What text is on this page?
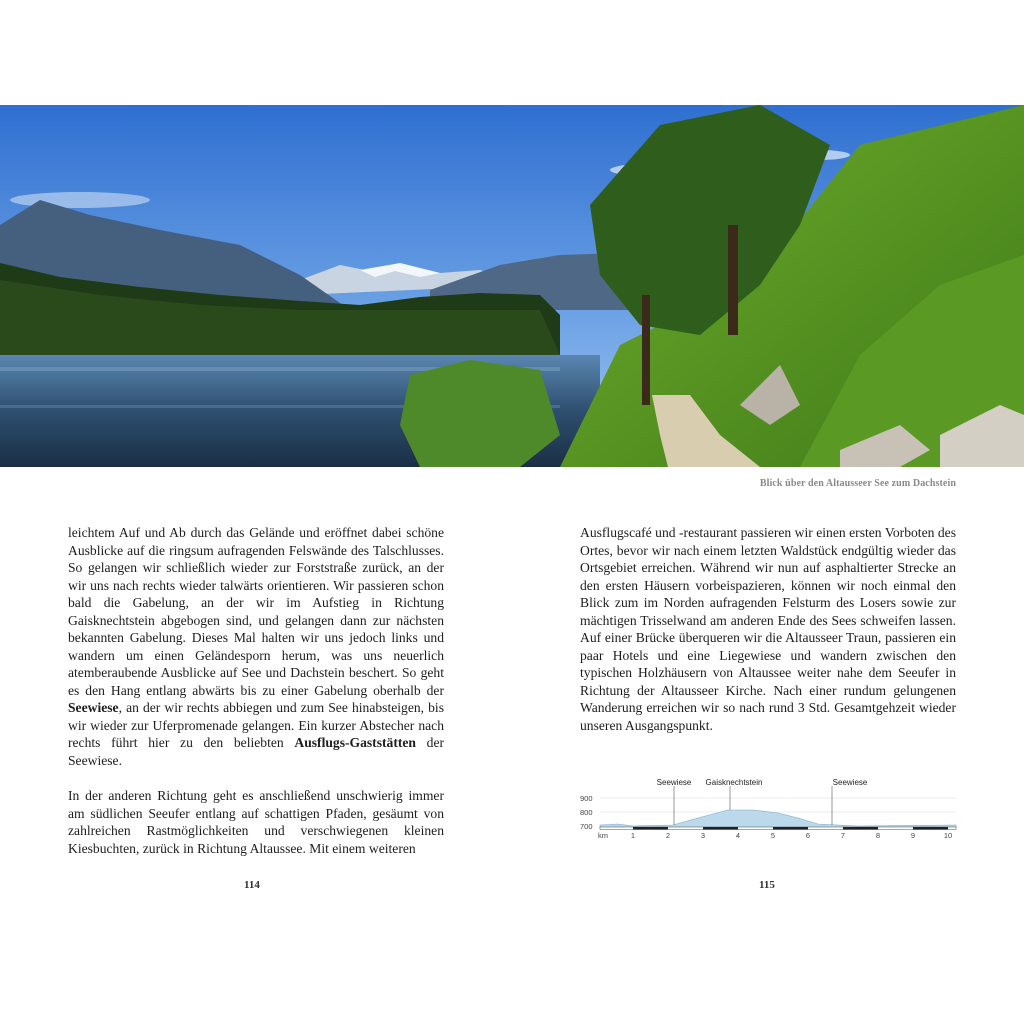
Blick über den Altausseer See zum Dachstein

leichtem Auf und Ab durch das Gelände und eröffnet dabei schöne Ausblicke auf die ringsum aufragenden Felswände des Talschlusses. So gelangen wir schließlich wieder zur Forststraße zurück, an der wir uns nach rechts wieder talwärts orientieren. Wir passieren schon bald die Gabelung, an der wir im Aufstieg in Richtung Gaisknechtstein abgebogen sind, und gelangen dann zur nächsten bekannten Gabelung. Dieses Mal halten wir uns jedoch links und wandern um einen Geländesporn herum, was uns neuerlich atemberaubende Ausblicke auf See und Dachstein beschert. So geht es den Hang entlang abwärts bis zu einer Gabelung oberhalb der Seewiese, an der wir rechts abbiegen und zum See hinabsteigen, bis wir wieder zur Uferpromenade gelangen. Ein kurzer Abstecher nach rechts führt hier zu den beliebten Ausflugs-Gaststätten der Seewiese.

In der anderen Richtung geht es anschließend unschwierig immer am südlichen Seeufer entlang auf schattigen Pfaden, gesäumt von zahlreichen Rastmöglichkeiten und verschwiegenen kleinen Kiesbuchten, zurück in Richtung Altaussee. Mit einem weiteren

114

Ausflugscafé und -restaurant passieren wir einen ersten Vorboten des Ortes, bevor wir nach einem letzten Waldstück endgültig wieder das Ortsgebiet erreichen. Während wir nun auf asphaltierter Strecke an den ersten Häusern vorbeispazieren, können wir noch einmal den Blick zum im Norden aufragenden Felsturm des Losers sowie zur mächtigen Trisselwand am anderen Ende des Sees schweifen lassen. Auf einer Brücke überqueren wir die Altausseer Traun, passieren ein paar Hotels und eine Liegewiese und wandern zwischen den typischen Holzhäusern von Altaussee weiter nahe dem Seeufer in Richtung der Altausseer Kirche. Nach einer rundum gelungenen Wanderung erreichen wir so nach rund 3 Std. Gesamtgehzeit wieder unseren Ausgangspunkt.

900
800
700
Seewiese Gaisknechtstein	Seewiese
km	1	2	3	4	5	6	7	8	9	10
115
